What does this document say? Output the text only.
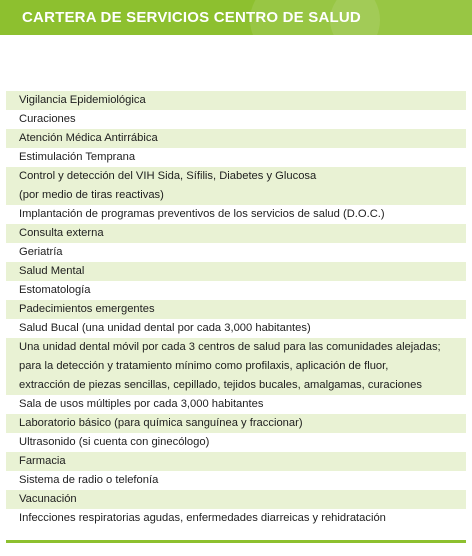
CARTERA DE SERVICIOS CENTRO DE SALUD
Vigilancia Epidemiológica
Curaciones
Atención Médica Antirrábica
Estimulación Temprana
Control y detección del VIH Sida, Sífilis, Diabetes y Glucosa
(por medio de tiras reactivas)
Implantación de programas preventivos de los servicios de salud (D.O.C.)
Consulta externa
Geriatría
Salud Mental
Estomatología
Padecimientos emergentes
Salud Bucal (una unidad dental por cada 3,000 habitantes)
Una unidad dental móvil por cada 3 centros de salud para las comunidades alejadas;
para la detección y tratamiento mínimo como profilaxis, aplicación de fluor,
extracción de piezas sencillas, cepillado, tejidos bucales, amalgamas, curaciones
Sala de usos múltiples por cada 3,000 habitantes
Laboratorio básico (para química sanguínea y fraccionar)
Ultrasonido (si cuenta con ginecólogo)
Farmacia
Sistema de radio o telefonía
Vacunación
Infecciones respiratorias agudas, enfermedades diarreicas y rehidratación
